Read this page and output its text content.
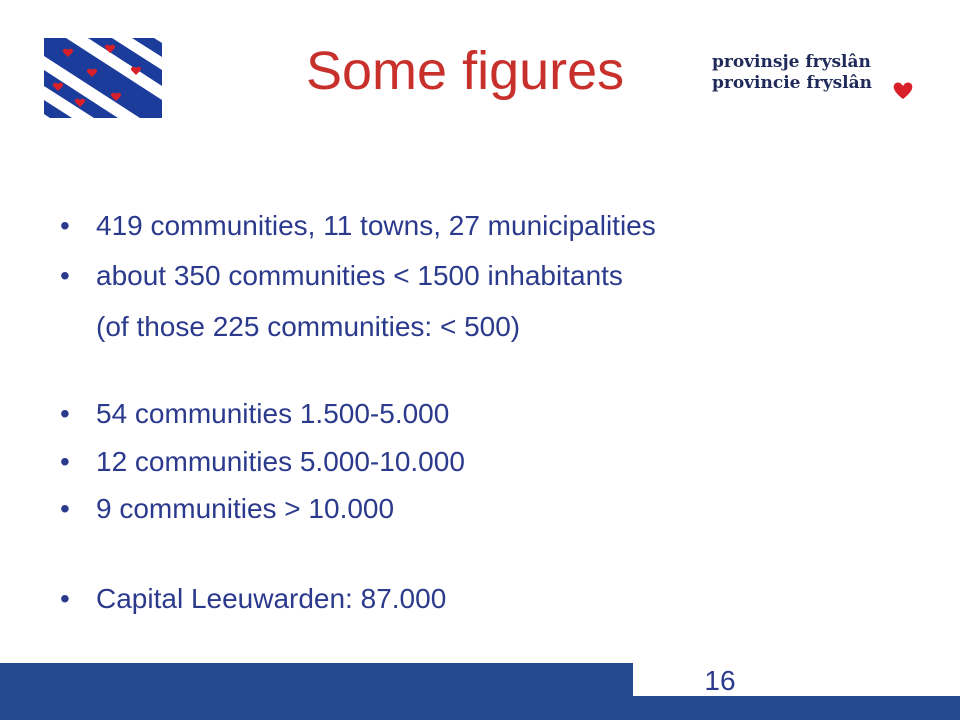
Some figures	provinsje fryslân
provincie fryslân
• 419 communities, 11 towns, 27 municipalities
• about 350 communities < 1500 inhabitants
(of those 225 communities: < 500)
• 54 communities 1.500-5.000
• 12 communities 5.000-10.000
• 9 communities > 10.000
• Capital Leeuwarden: 87.000
16
